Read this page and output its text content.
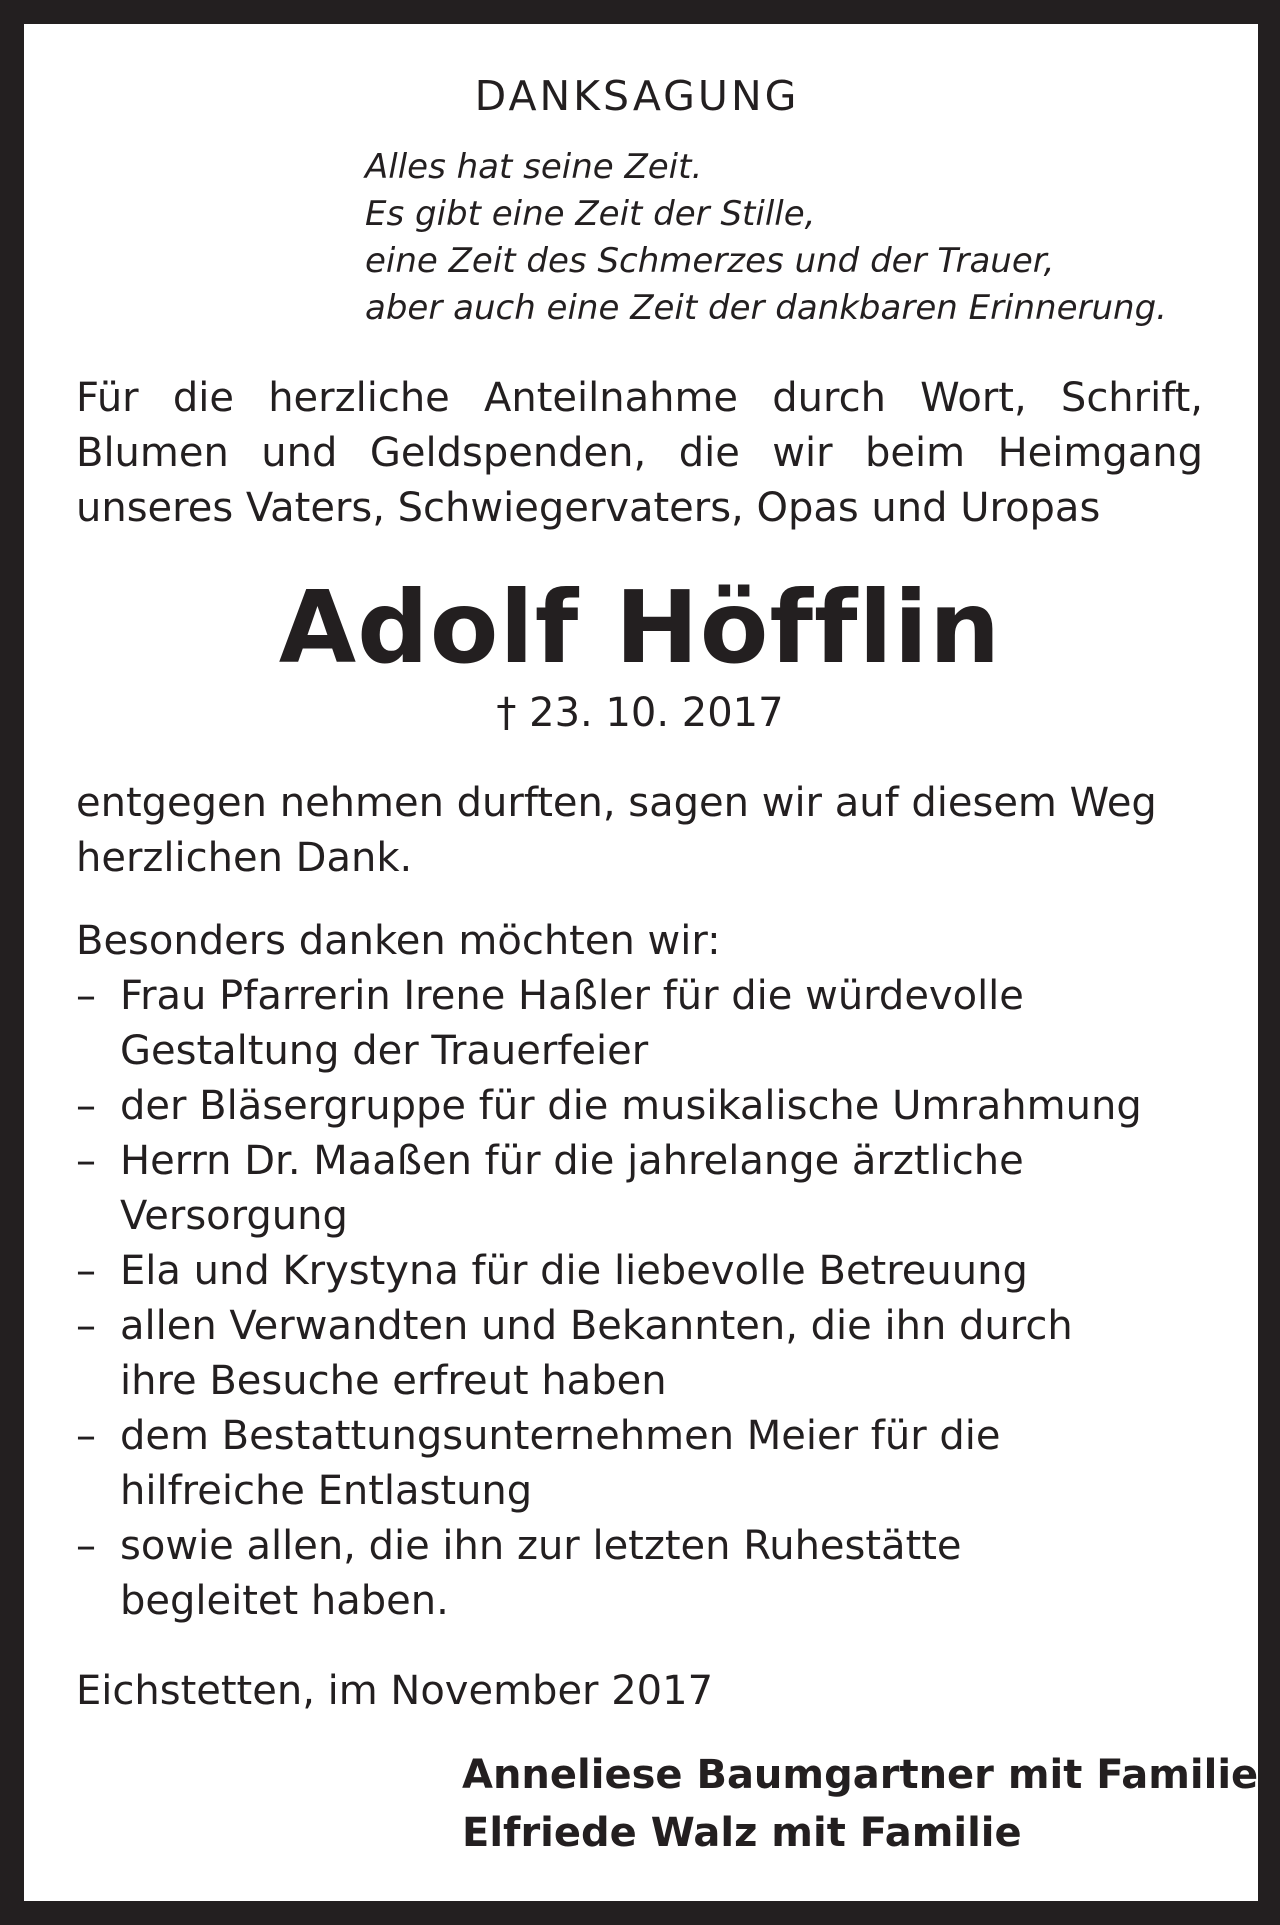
DANKSAGUNG
Alles hat seine Zeit.
Es gibt eine Zeit der Stille,
eine Zeit des Schmerzes und der Trauer,
aber auch eine Zeit der dankbaren Erinnerung.
Für die herzliche Anteilnahme durch Wort, Schrift,
Blumen und Geldspenden, die wir beim Heimgang
unseres Vaters, Schwiegervaters, Opas und Uropas
Adolf Höfflin
† 23. 10. 2017
entgegen nehmen durften, sagen wir auf diesem Weg
herzlichen Dank.
Besonders danken möchten wir:
– Frau Pfarrerin Irene Haßler für die würdevolle
Gestaltung der Trauerfeier
– der Bläsergruppe für die musikalische Umrahmung
– Herrn Dr. Maaßen für die jahrelange ärztliche
Versorgung
– Ela und Krystyna für die liebevolle Betreuung
– allen Verwandten und Bekannten, die ihn durch
ihre Besuche erfreut haben
– dem Bestattungsunternehmen Meier für die
hilfreiche Entlastung
– sowie allen, die ihn zur letzten Ruhestätte
begleitet haben.
Eichstetten, im November 2017
Anneliese Baumgartner mit Familie
Elfriede Walz mit Familie
